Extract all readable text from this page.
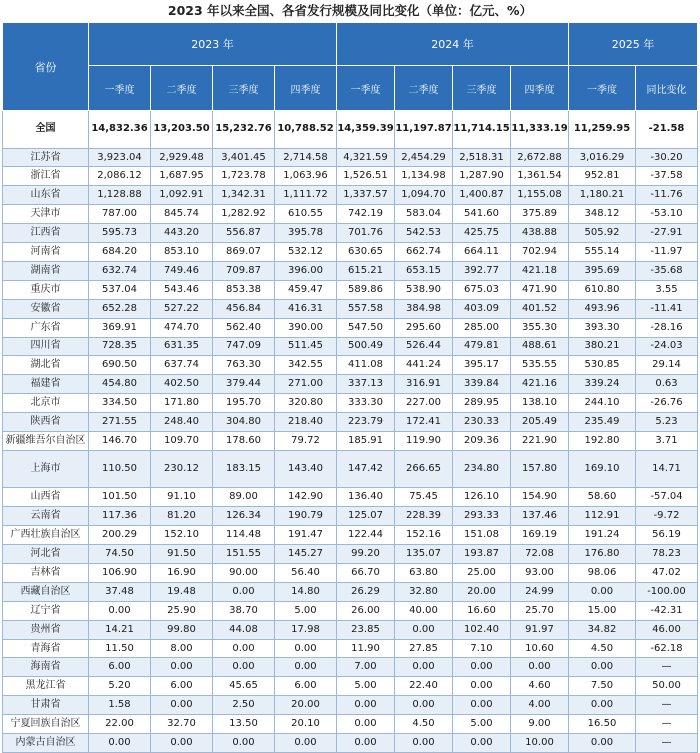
2023 年以来全国、各省发行规模及同比变化（单位：亿元、%）
省份	2023 年				2024 年				2025 年	
	一季度	二季度	三季度	四季度	一季度	二季度	三季度	四季度	一季度	同比变化
全国	14,832.36	13,203.50	15,232.76	10,788.52	14,359.39	11,197.87	11,714.15	11,333.19	11,259.95	-21.58
江苏省	3,923.04	2,929.48	3,401.45	2,714.58	4,321.59	2,454.29	2,518.31	2,672.88	3,016.29	-30.20
浙江省	2,086.12	1,687.95	1,723.78	1,063.96	1,526.51	1,134.98	1,287.90	1,361.54	952.81	-37.58
山东省	1,128.88	1,092.91	1,342.31	1,111.72	1,337.57	1,094.70	1,400.87	1,155.08	1,180.21	-11.76
天津市	787.00	845.74	1,282.92	610.55	742.19	583.04	541.60	375.89	348.12	-53.10
江西省	595.73	443.20	556.87	395.78	701.76	542.53	425.75	438.88	505.92	-27.91
河南省	684.20	853.10	869.07	532.12	630.65	662.74	664.11	702.94	555.14	-11.97
湖南省	632.74	749.46	709.87	396.00	615.21	653.15	392.77	421.18	395.69	-35.68
重庆市	537.04	543.46	853.38	459.47	589.86	538.90	675.03	471.90	610.80	3.55
安徽省	652.28	527.22	456.84	416.31	557.58	384.98	403.09	401.52	493.96	-11.41
广东省	369.91	474.70	562.40	390.00	547.50	295.60	285.00	355.30	393.30	-28.16
四川省	728.35	631.35	747.09	511.45	500.49	526.44	479.81	488.61	380.21	-24.03
湖北省	690.50	637.74	763.30	342.55	411.08	441.24	395.17	535.55	530.85	29.14
福建省	454.80	402.50	379.44	271.00	337.13	316.91	339.84	421.16	339.24	0.63
北京市	334.50	171.80	195.70	320.80	333.30	227.00	289.95	138.10	244.10	-26.76
陕西省	271.55	248.40	304.80	218.40	223.79	172.41	230.33	205.49	235.49	5.23
新疆维吾尔自治区	146.70	109.70	178.60	79.72	185.91	119.90	209.36	221.90	192.80	3.71
上海市	110.50	230.12	183.15	143.40	147.42	266.65	234.80	157.80	169.10	14.71
山西省	101.50	91.10	89.00	142.90	136.40	75.45	126.10	154.90	58.60	-57.04
云南省	117.36	81.20	126.34	190.79	125.07	228.39	293.33	137.46	112.91	-9.72
广西壮族自治区	200.29	152.10	114.48	191.47	122.44	152.16	151.08	169.19	191.24	56.19
河北省	74.50	91.50	151.55	145.27	99.20	135.07	193.87	72.08	176.80	78.23
吉林省	106.90	16.90	90.00	56.40	66.70	63.80	25.00	93.00	98.06	47.02
西藏自治区	37.48	19.48	0.00	14.80	26.29	32.80	20.00	24.99	0.00	-100.00
辽宁省	0.00	25.90	38.70	5.00	26.00	40.00	16.60	25.70	15.00	-42.31
贵州省	14.21	99.80	44.08	17.98	23.85	0.00	102.40	91.97	34.82	46.00
青海省	11.50	8.00	0.00	0.00	11.90	27.85	7.10	10.60	4.50	-62.18
海南省	6.00	0.00	0.00	0.00	7.00	0.00	0.00	0.00	0.00	—
黑龙江省	5.20	6.00	45.65	6.00	5.00	22.40	0.00	4.60	7.50	50.00
甘肃省	1.58	0.00	2.50	20.00	0.00	0.00	0.00	4.00	0.00	—
宁夏回族自治区	22.00	32.70	13.50	20.10	0.00	4.50	5.00	9.00	16.50	—
内蒙古自治区	0.00	0.00	0.00	0.00	0.00	0.00	0.00	10.00	0.00	—
